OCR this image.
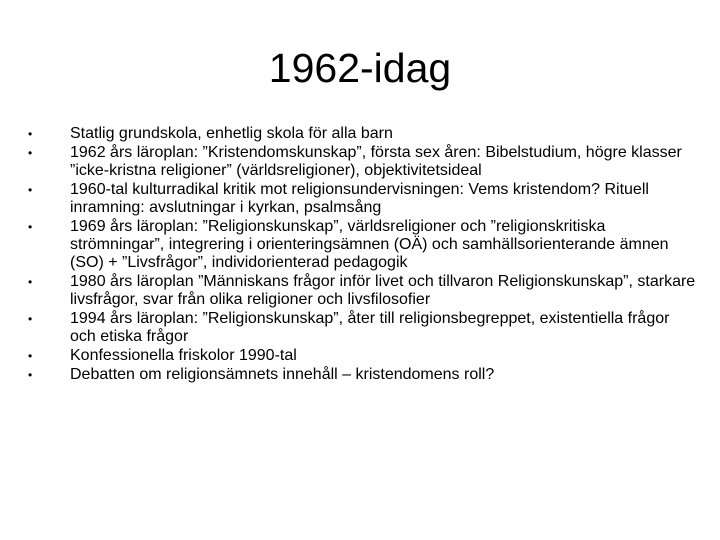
1962-idag
• Statlig grundskola, enhetlig skola för alla barn
• 1962 års läroplan: ”Kristendomskunskap”, första sex åren: Bibelstudium, högre klasser ”icke-kristna religioner” (världsreligioner), objektivitetsideal
• 1960-tal kulturradikal kritik mot religionsundervisningen: Vems kristendom? Rituell inramning: avslutningar i kyrkan, psalmsång
• 1969 års läroplan: ”Religionskunskap”, världsreligioner och ”religionskritiska strömningar”, integrering i orienteringsämnen (OÄ) och samhällsorienterande ämnen (SO) + ”Livsfrågor”, individorienterad pedagogik
• 1980 års läroplan ”Människans frågor inför livet och tillvaron Religionskunskap”, starkare livsfrågor, svar från olika religioner och livsfilosofier
• 1994 års läroplan: ”Religionskunskap”, åter till religionsbegreppet, existentiella frågor och etiska frågor
• Konfessionella friskolor 1990-tal
• Debatten om religionsämnets innehåll – kristendomens roll?
